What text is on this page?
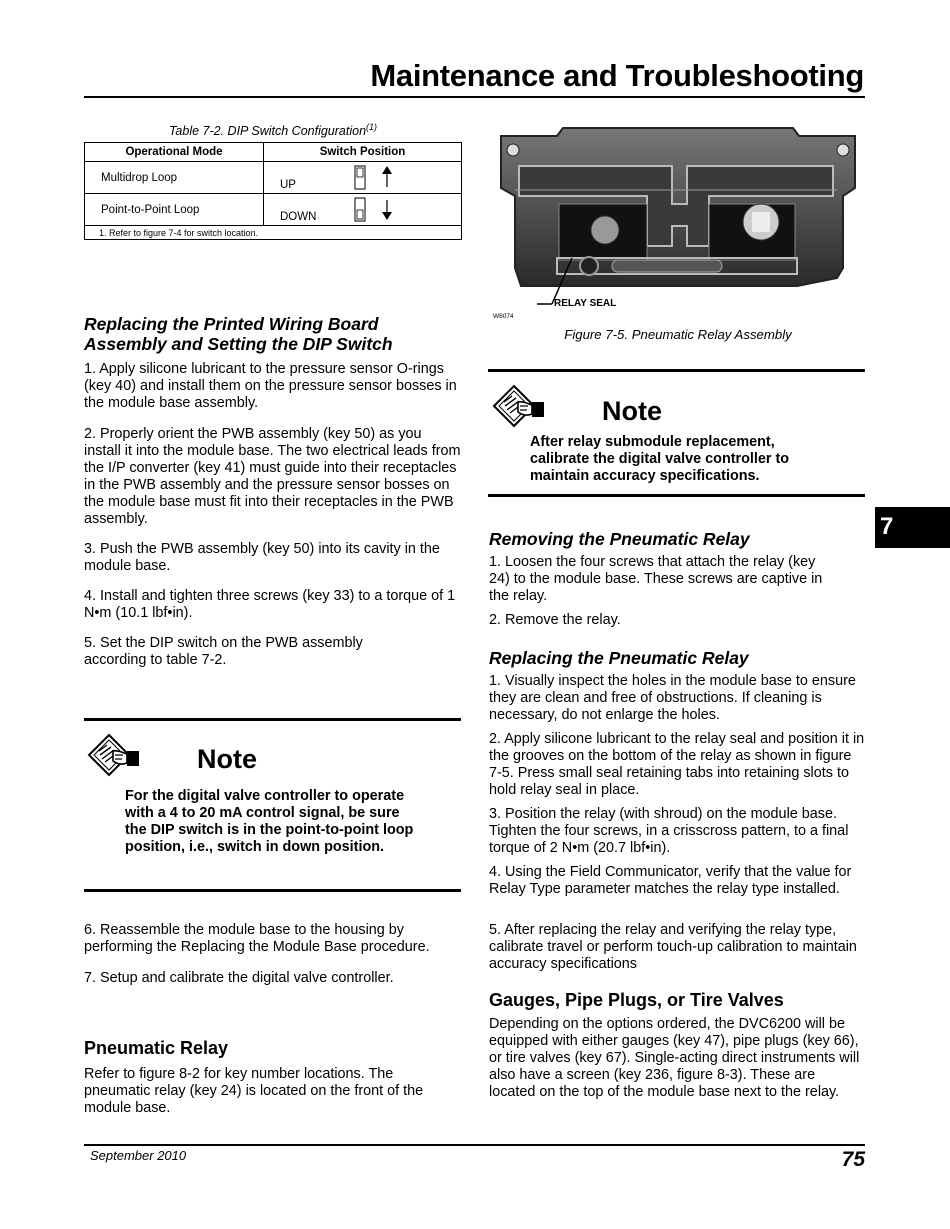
Maintenance and Troubleshooting
7
Table 7-2. DIP Switch Configuration$^{(1)}$
Operational Mode	Switch Position
Multidrop Loop	UP

Point-to-Point Loop	DOWN

1. Refer to figure 7-4 for switch location.	
Replacing the Printed Wiring Board
Assembly and Setting the DIP Switch
1. Apply silicone lubricant to the pressure sensor O-rings (key 40) and install them on the pressure sensor bosses in the module base assembly.
2. Properly orient the PWB assembly (key 50) as you install it into the module base. The two electrical leads from the I/P converter (key 41) must guide into their receptacles in the PWB assembly and the pressure sensor bosses on the module base must fit into their receptacles in the PWB assembly.
3. Push the PWB assembly (key 50) into its cavity in the module base.
4. Install and tighten three screws (key 33) to a torque of 1 N•m (10.1 lbf•in).
5. Set the DIP switch on the PWB assembly according to table 7-2.
Note
For the digital valve controller to operate with a 4 to 20 mA control signal, be sure the DIP switch is in the point-to-point loop position, i.e., switch in down position.
6. Reassemble the module base to the housing by performing the Replacing the Module Base procedure.
7. Setup and calibrate the digital valve controller.
Pneumatic Relay
Refer to figure 8-2 for key number locations. The pneumatic relay (key 24) is located on the front of the module base.
RELAY SEAL
W8074
Figure 7-5. Pneumatic Relay Assembly
Note
After relay submodule replacement, calibrate the digital valve controller to maintain accuracy specifications.
Removing the Pneumatic Relay
1. Loosen the four screws that attach the relay (key 24) to the module base. These screws are captive in the relay.
2. Remove the relay.
Replacing the Pneumatic Relay
1. Visually inspect the holes in the module base to ensure they are clean and free of obstructions. If cleaning is necessary, do not enlarge the holes.
2. Apply silicone lubricant to the relay seal and position it in the grooves on the bottom of the relay as shown in figure 7-5. Press small seal retaining tabs into retaining slots to hold relay seal in place.
3. Position the relay (with shroud) on the module base. Tighten the four screws, in a crisscross pattern, to a final torque of 2 N•m (20.7 lbf•in).
4. Using the Field Communicator, verify that the value for Relay Type parameter matches the relay type installed.
5. After replacing the relay and verifying the relay type, calibrate travel or perform touch-up calibration to maintain accuracy specifications
Gauges, Pipe Plugs, or Tire Valves
Depending on the options ordered, the DVC6200 will be equipped with either gauges (key 47), pipe plugs (key 66), or tire valves (key 67). Single-acting direct instruments will also have a screen (key 236, figure 8-3). These are located on the top of the module base next to the relay.
September 2010	75
